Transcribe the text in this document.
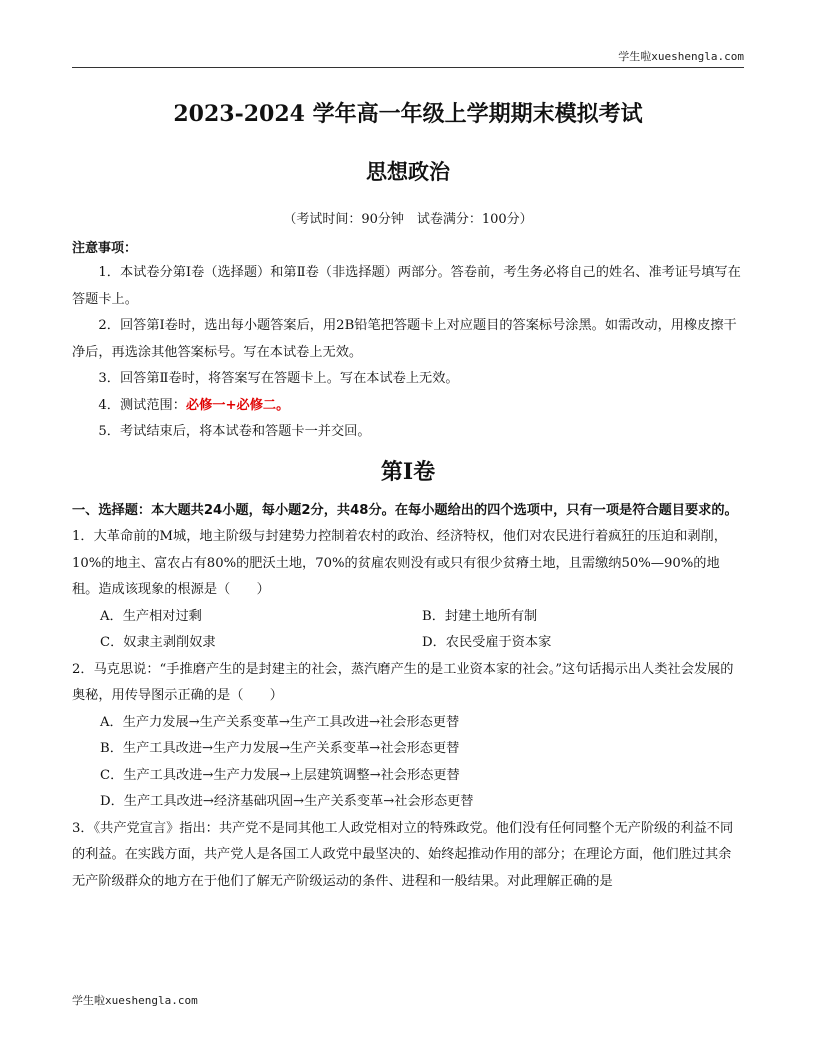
学生啦xueshengla.com
2023-2024 学年高一年级上学期期末模拟考试
思想政治
（考试时间：90分钟　试卷满分：100分）
注意事项：

1．本试卷分第Ⅰ卷（选择题）和第Ⅱ卷（非选择题）两部分。答卷前，考生务必将自己的姓名、准考证号填写在答题卡上。

2．回答第Ⅰ卷时，选出每小题答案后，用2B铅笔把答题卡上对应题目的答案标号涂黑。如需改动，用橡皮擦干净后，再选涂其他答案标号。写在本试卷上无效。

3．回答第Ⅱ卷时，将答案写在答题卡上。写在本试卷上无效。

4．测试范围：必修一+必修二。

5．考试结束后，将本试卷和答题卡一并交回。

第Ⅰ卷
一、选择题：本大题共24小题，每小题2分，共48分。在每小题给出的四个选项中，只有一项是符合题目要求的。

1．大革命前的M城，地主阶级与封建势力控制着农村的政治、经济特权，他们对农民进行着疯狂的压迫和剥削，10%的地主、富农占有80%的肥沃土地，70%的贫雇农则没有或只有很少贫瘠土地，且需缴纳50%—90%的地租。造成该现象的根源是（　　）

A．生产相对过剩	B．封建土地所有制
C．奴隶主剥削奴隶	D．农民受雇于资本家

2．马克思说：“手推磨产生的是封建主的社会，蒸汽磨产生的是工业资本家的社会。”这句话揭示出人类社会发展的奥秘，用传导图示正确的是（　　）

A．生产力发展→生产关系变革→生产工具改进→社会形态更替
B．生产工具改进→生产力发展→生产关系变革→社会形态更替
C．生产工具改进→生产力发展→上层建筑调整→社会形态更替
D．生产工具改进→经济基础巩固→生产关系变革→社会形态更替

3．《共产党宣言》指出：共产党不是同其他工人政党相对立的特殊政党。他们没有任何同整个无产阶级的利益不同的利益。在实践方面，共产党人是各国工人政党中最坚决的、始终起推动作用的部分；在理论方面，他们胜过其余无产阶级群众的地方在于他们了解无产阶级运动的条件、进程和一般结果。对此理解正确的是

学生啦xueshengla.com
